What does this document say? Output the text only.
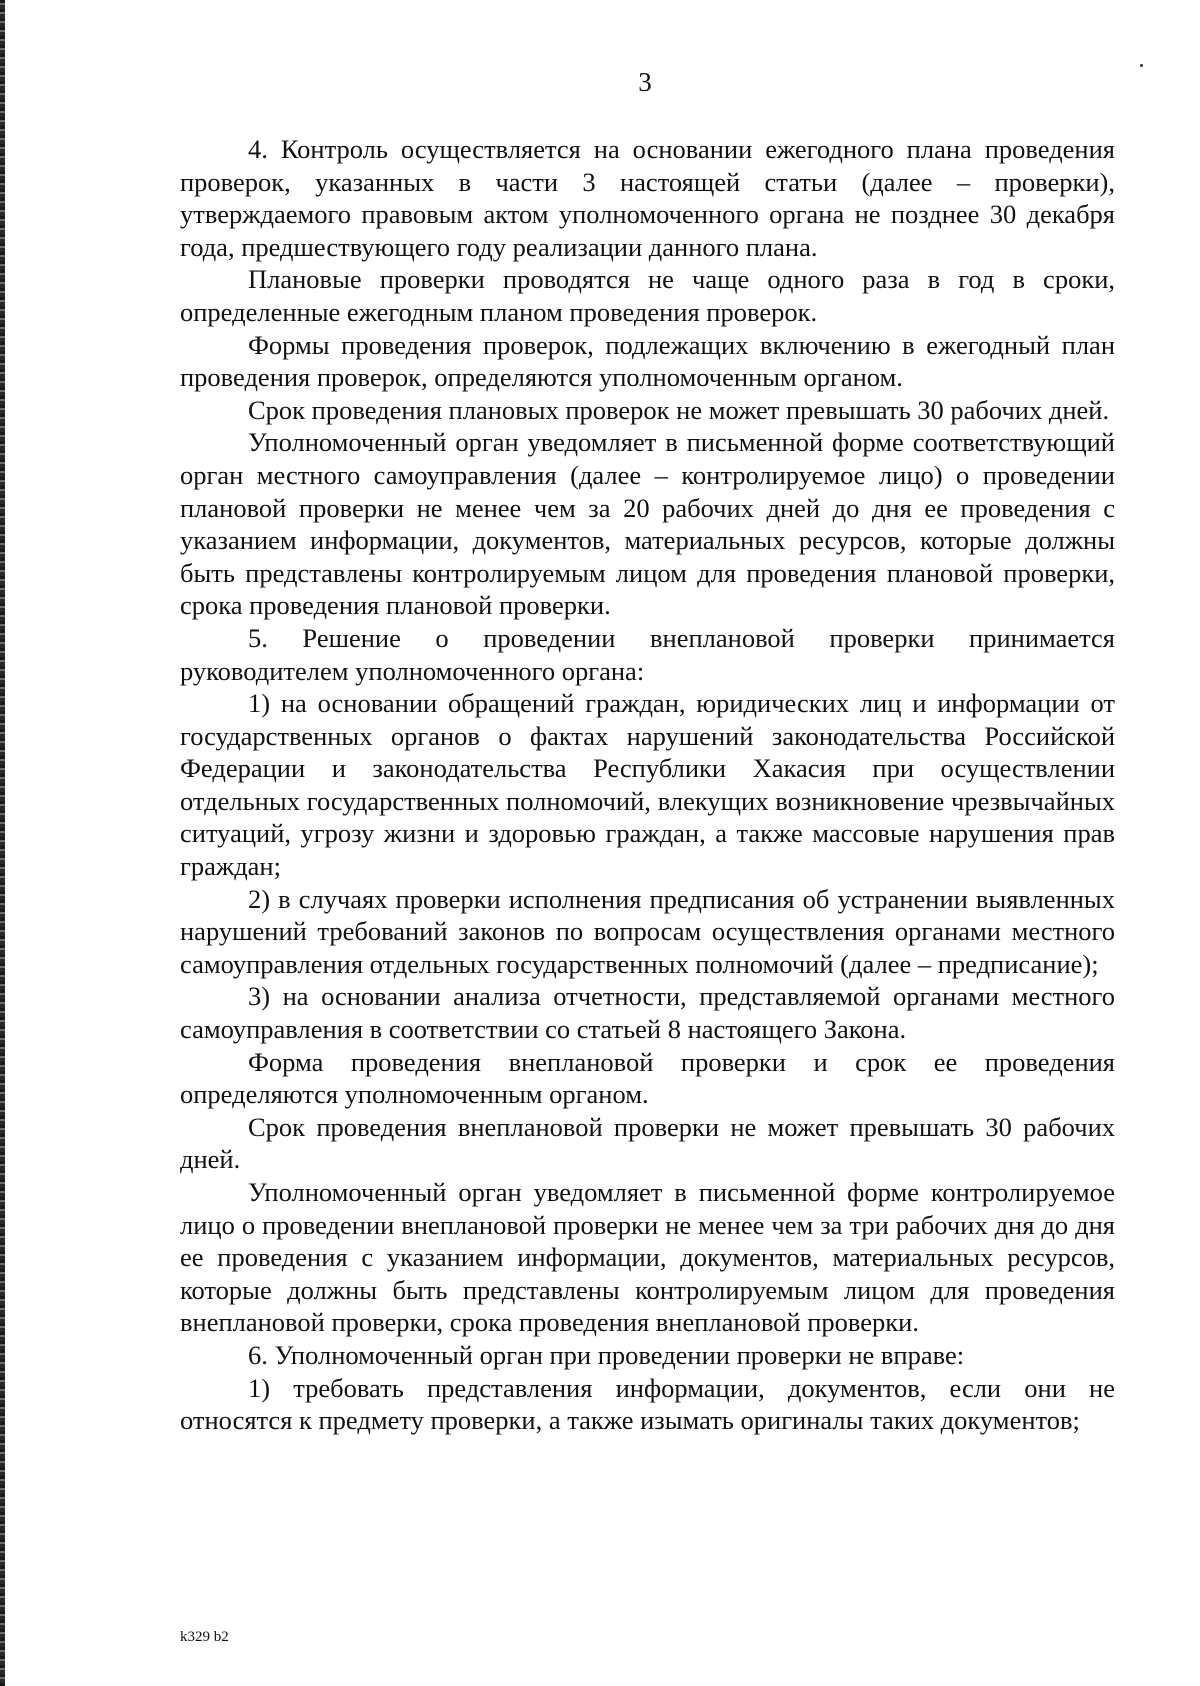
3

4. Контроль осуществляется на основании ежегодного плана проведения проверок, указанных в части 3 настоящей статьи (далее – проверки), утверждаемого правовым актом уполномоченного органа не позднее 30 декабря года, предшествующего году реализации данного плана.

Плановые проверки проводятся не чаще одного раза в год в сроки, определенные ежегодным планом проведения проверок.

Формы проведения проверок, подлежащих включению в ежегодный план проведения проверок, определяются уполномоченным органом.

Срок проведения плановых проверок не может превышать 30 рабочих дней.

Уполномоченный орган уведомляет в письменной форме соответствующий орган местного самоуправления (далее – контролируемое лицо) о проведении плановой проверки не менее чем за 20 рабочих дней до дня ее проведения с указанием информации, документов, материальных ресурсов, которые должны быть представлены контролируемым лицом для проведения плановой проверки, срока проведения плановой проверки.

5. Решение о проведении внеплановой проверки принимается руководителем уполномоченного органа:

1) на основании обращений граждан, юридических лиц и информации от государственных органов о фактах нарушений законодательства Российской Федерации и законодательства Республики Хакасия при осуществлении отдельных государственных полномочий, влекущих возникновение чрезвычайных ситуаций, угрозу жизни и здоровью граждан, а также массовые нарушения прав граждан;

2) в случаях проверки исполнения предписания об устранении выявленных нарушений требований законов по вопросам осуществления органами местного самоуправления отдельных государственных полномочий (далее – предписание);

3) на основании анализа отчетности, представляемой органами местного самоуправления в соответствии со статьей 8 настоящего Закона.

Форма проведения внеплановой проверки и срок ее проведения определяются уполномоченным органом.

Срок проведения внеплановой проверки не может превышать 30 рабочих дней.

Уполномоченный орган уведомляет в письменной форме контролируемое лицо о проведении внеплановой проверки не менее чем за три рабочих дня до дня ее проведения с указанием информации, документов, материальных ресурсов, которые должны быть представлены контролируемым лицом для проведения внеплановой проверки, срока проведения внеплановой проверки.

6. Уполномоченный орган при проведении проверки не вправе:

1) требовать представления информации, документов, если они не относятся к предмету проверки, а также изымать оригиналы таких документов;

k329 b2
